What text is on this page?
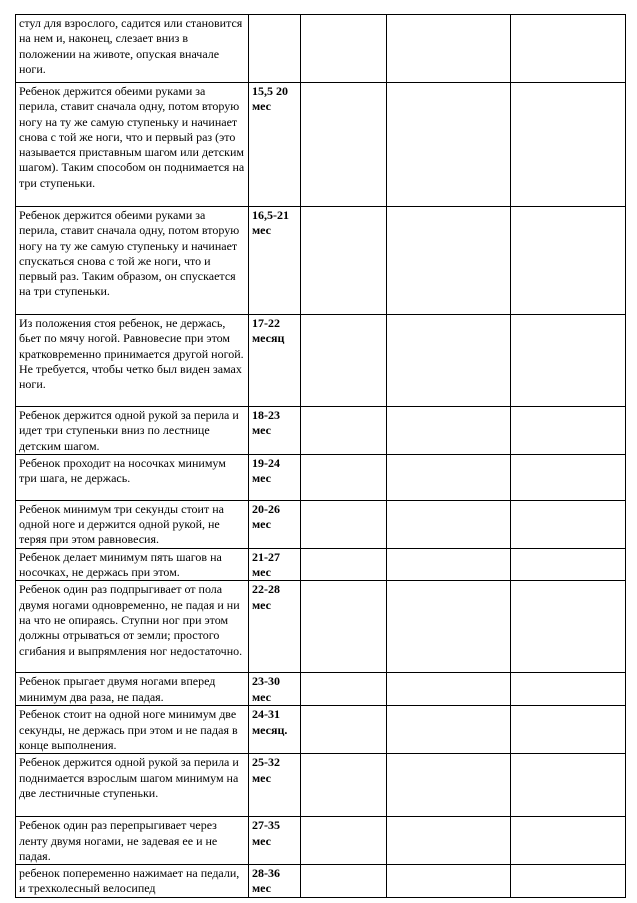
стул для взрослого, садится или становится на нем и, наконец, слезает вниз в положении на животе, опуская вначале ноги.				
Ребенок держится обеими руками за перила, ставит сначала одну, потом вторую ногу на ту же самую ступеньку и начинает снова с той же ноги, что и первый раз (это называется приставным шагом или детским шагом). Таким способом он поднимается на три ступеньки.	15,5 20 мес			
Ребенок держится обеими руками за перила, ставит сначала одну, потом вторую ногу на ту же самую ступеньку и начинает спускаться снова с той же ноги, что и первый раз. Таким образом, он спускается на три ступеньки.	16,5-21 мес			
Из положения стоя ребенок, не держась, бьет по мячу ногой. Равновесие при этом кратковременно принимается другой ногой. Не требуется, чтобы четко был виден замах ноги.	17-22 месяц			
Ребенок держится одной рукой за перила и идет три ступеньки вниз по лестнице детским шагом.	18-23 мес			
Ребенок проходит на носочках минимум три шага, не держась.	19-24 мес			
Ребенок минимум три секунды стоит на одной ноге и держится одной рукой, не теряя при этом равновесия.	20-26 мес			
Ребенок делает минимум пять шагов на носочках, не держась при этом.	21-27 мес			
Ребенок один раз подпрыгивает от пола двумя ногами одновременно, не падая и ни на что не опираясь. Ступни ног при этом должны отрываться от земли; простого сгибания и выпрямления ног недостаточно.	22-28 мес			
Ребенок прыгает двумя ногами вперед минимум два раза, не падая.	23-30 мес			
Ребенок стоит на одной ноге минимум две секунды, не держась при этом и не падая в конце выполнения.	24-31 месяц.			
Ребенок держится одной рукой за перила и поднимается взрослым шагом минимум на две лестничные ступеньки.	25-32 мес			
Ребенок один раз перепрыгивает через ленту двумя ногами, не задевая ее и не падая.	27-35 мес			
ребенок попеременно нажимает на педали, и трехколесный велосипед	28-36 мес			
